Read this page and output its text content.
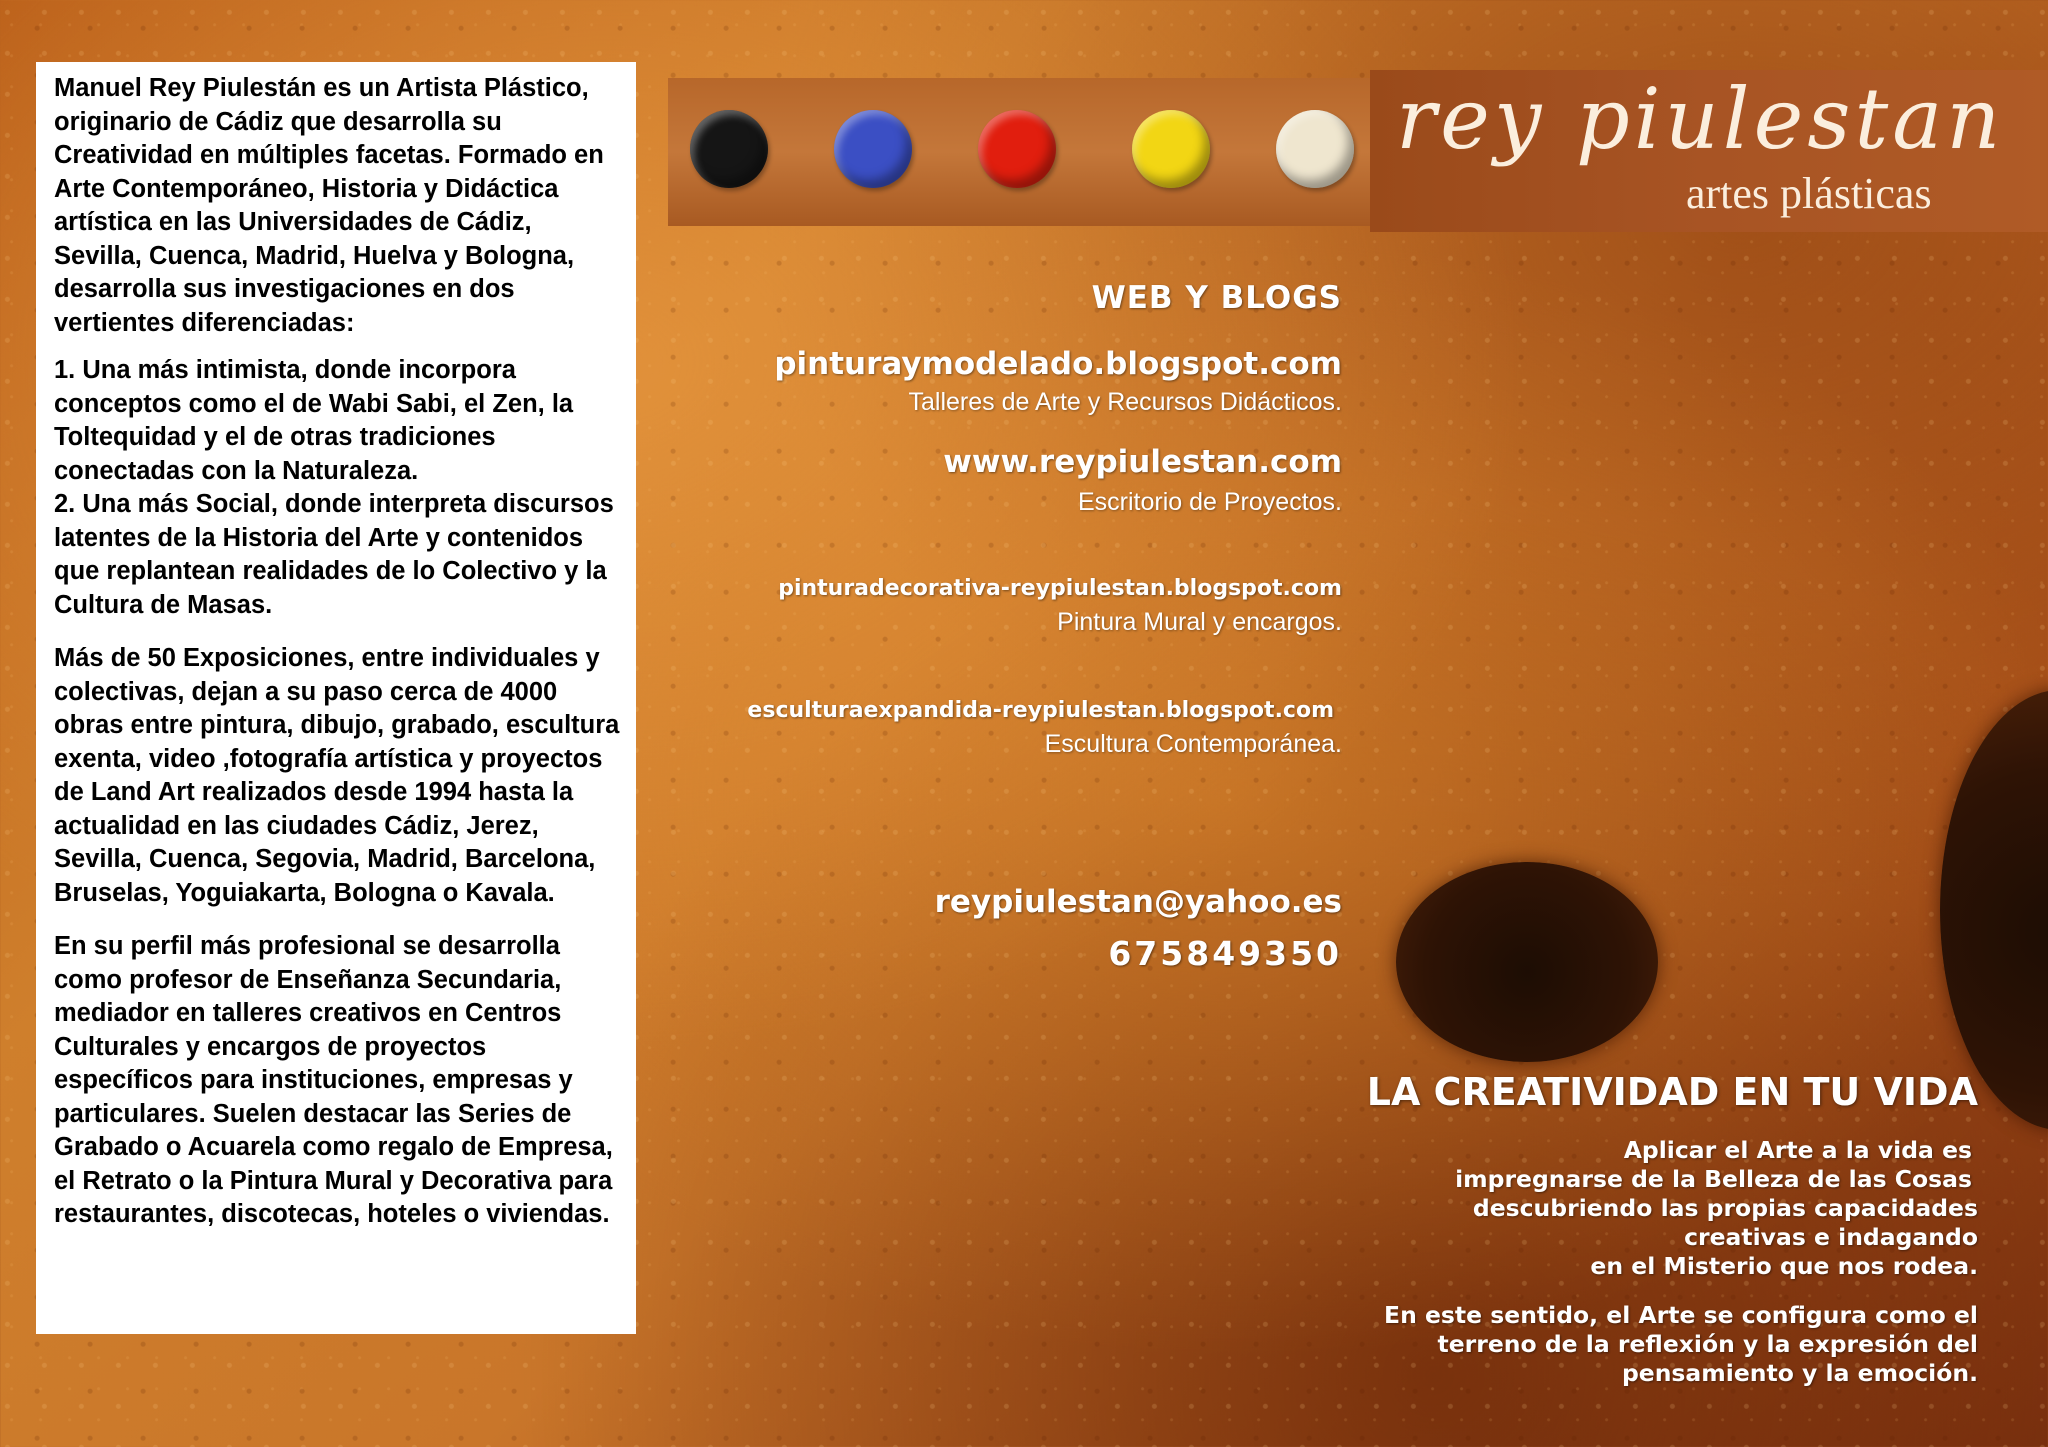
Manuel Rey Piulestán es un Artista Plástico, originario de Cádiz que desarrolla su Creatividad en múltiples facetas. Formado en Arte Contemporáneo, Historia y Didáctica artística en las Universidades de Cádiz, Sevilla, Cuenca, Madrid, Huelva y Bologna, desarrolla sus investigaciones en dos vertientes diferenciadas:

1. Una más intimista, donde incorpora conceptos como el de Wabi Sabi, el Zen, la Toltequidad y el de otras tradiciones conectadas con la Naturaleza.

2. Una más Social, donde interpreta discursos latentes de la Historia del Arte y contenidos que replantean realidades de lo Colectivo y la Cultura de Masas.

Más de 50 Exposiciones, entre individuales y colectivas, dejan a su paso cerca de 4000 obras entre pintura, dibujo, grabado, escultura exenta, video ,fotografía artística y proyectos de Land Art realizados desde 1994 hasta la actualidad en las ciudades Cádiz, Jerez, Sevilla, Cuenca, Segovia, Madrid, Barcelona, Bruselas, Yoguiakarta, Bologna o Kavala.

En su perfil más profesional se desarrolla como profesor de Enseñanza Secundaria, mediador en talleres creativos en Centros Culturales y encargos de proyectos específicos para instituciones, empresas y particulares. Suelen destacar las Series de Grabado o Acuarela como regalo de Empresa, el Retrato o la Pintura Mural y Decorativa para restaurantes, discotecas, hoteles o viviendas.

rey piulestan
artes plásticas
WEB Y BLOGS
pinturaymodelado.blogspot.com
Talleres de Arte y Recursos Didácticos.
www.reypiulestan.com
Escritorio de Proyectos.
pinturadecorativa-reypiulestan.blogspot.com
Pintura Mural y encargos.
esculturaexpandida-reypiulestan.blogspot.com
Escultura Contemporánea.
reypiulestan@yahoo.es
675849350
LA CREATIVIDAD EN TU VIDA
Aplicar el Arte a la vida es
impregnarse de la Belleza de las Cosas
descubriendo las propias capacidades
creativas e indagando
en el Misterio que nos rodea.
En este sentido, el Arte se configura como el
terreno de la reflexión y la expresión del
pensamiento y la emoción.
